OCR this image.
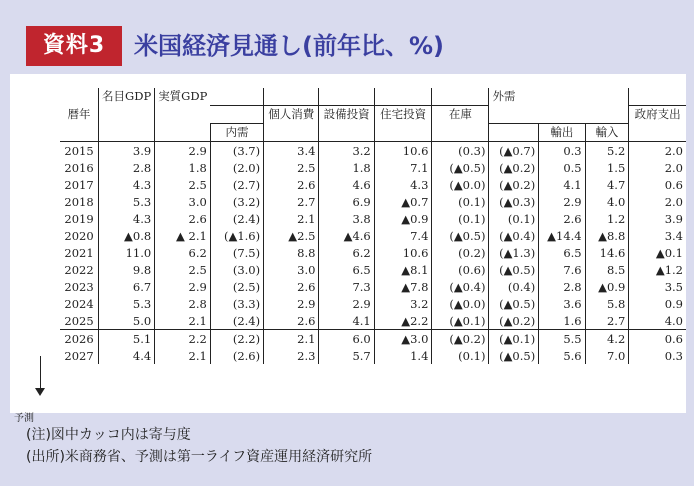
資料3	米国経済見通し(前年比、%)
	名目GDP	実質GDP						外需			
暦年				個人消費	設備投資	住宅投資	在庫				政府支出
			内需						輸出	輸入	
2015	3.9	2.9	(3.7)	3.4	3.2	10.6	(0.3)	(▲0.7)	0.3	5.2	2.0
2016	2.8	1.8	(2.0)	2.5	1.8	7.1	(▲0.5)	(▲0.2)	0.5	1.5	2.0
2017	4.3	2.5	(2.7)	2.6	4.6	4.3	(▲0.0)	(▲0.2)	4.1	4.7	0.6
2018	5.3	3.0	(3.2)	2.7	6.9	▲0.7	(0.1)	(▲0.3)	2.9	4.0	2.0
2019	4.3	2.6	(2.4)	2.1	3.8	▲0.9	(0.1)	(0.1)	2.6	1.2	3.9
2020	▲0.8	▲ 2.1	(▲1.6)	▲2.5	▲4.6	7.4	(▲0.5)	(▲0.4)	▲14.4	▲8.8	3.4
2021	11.0	6.2	(7.5)	8.8	6.2	10.6	(0.2)	(▲1.3)	6.5	14.6	▲0.1
2022	9.8	2.5	(3.0)	3.0	6.5	▲8.1	(0.6)	(▲0.5)	7.6	8.5	▲1.2
2023	6.7	2.9	(2.5)	2.6	7.3	▲7.8	(▲0.4)	(0.4)	2.8	▲0.9	3.5
2024	5.3	2.8	(3.3)	2.9	2.9	3.2	(▲0.0)	(▲0.5)	3.6	5.8	0.9
2025	5.0	2.1	(2.4)	2.6	4.1	▲2.2	(▲0.1)	(▲0.2)	1.6	2.7	4.0
2026	5.1	2.2	(2.2)	2.1	6.0	▲3.0	(▲0.2)	(▲0.1)	5.5	4.2	0.6
2027	4.4	2.1	(2.6)	2.3	5.7	1.4	(0.1)	(▲0.5)	5.6	7.0	0.3
予測
(注)図中カッコ内は寄与度
(出所)米商務省、予測は第一ライフ資産運用経済研究所
